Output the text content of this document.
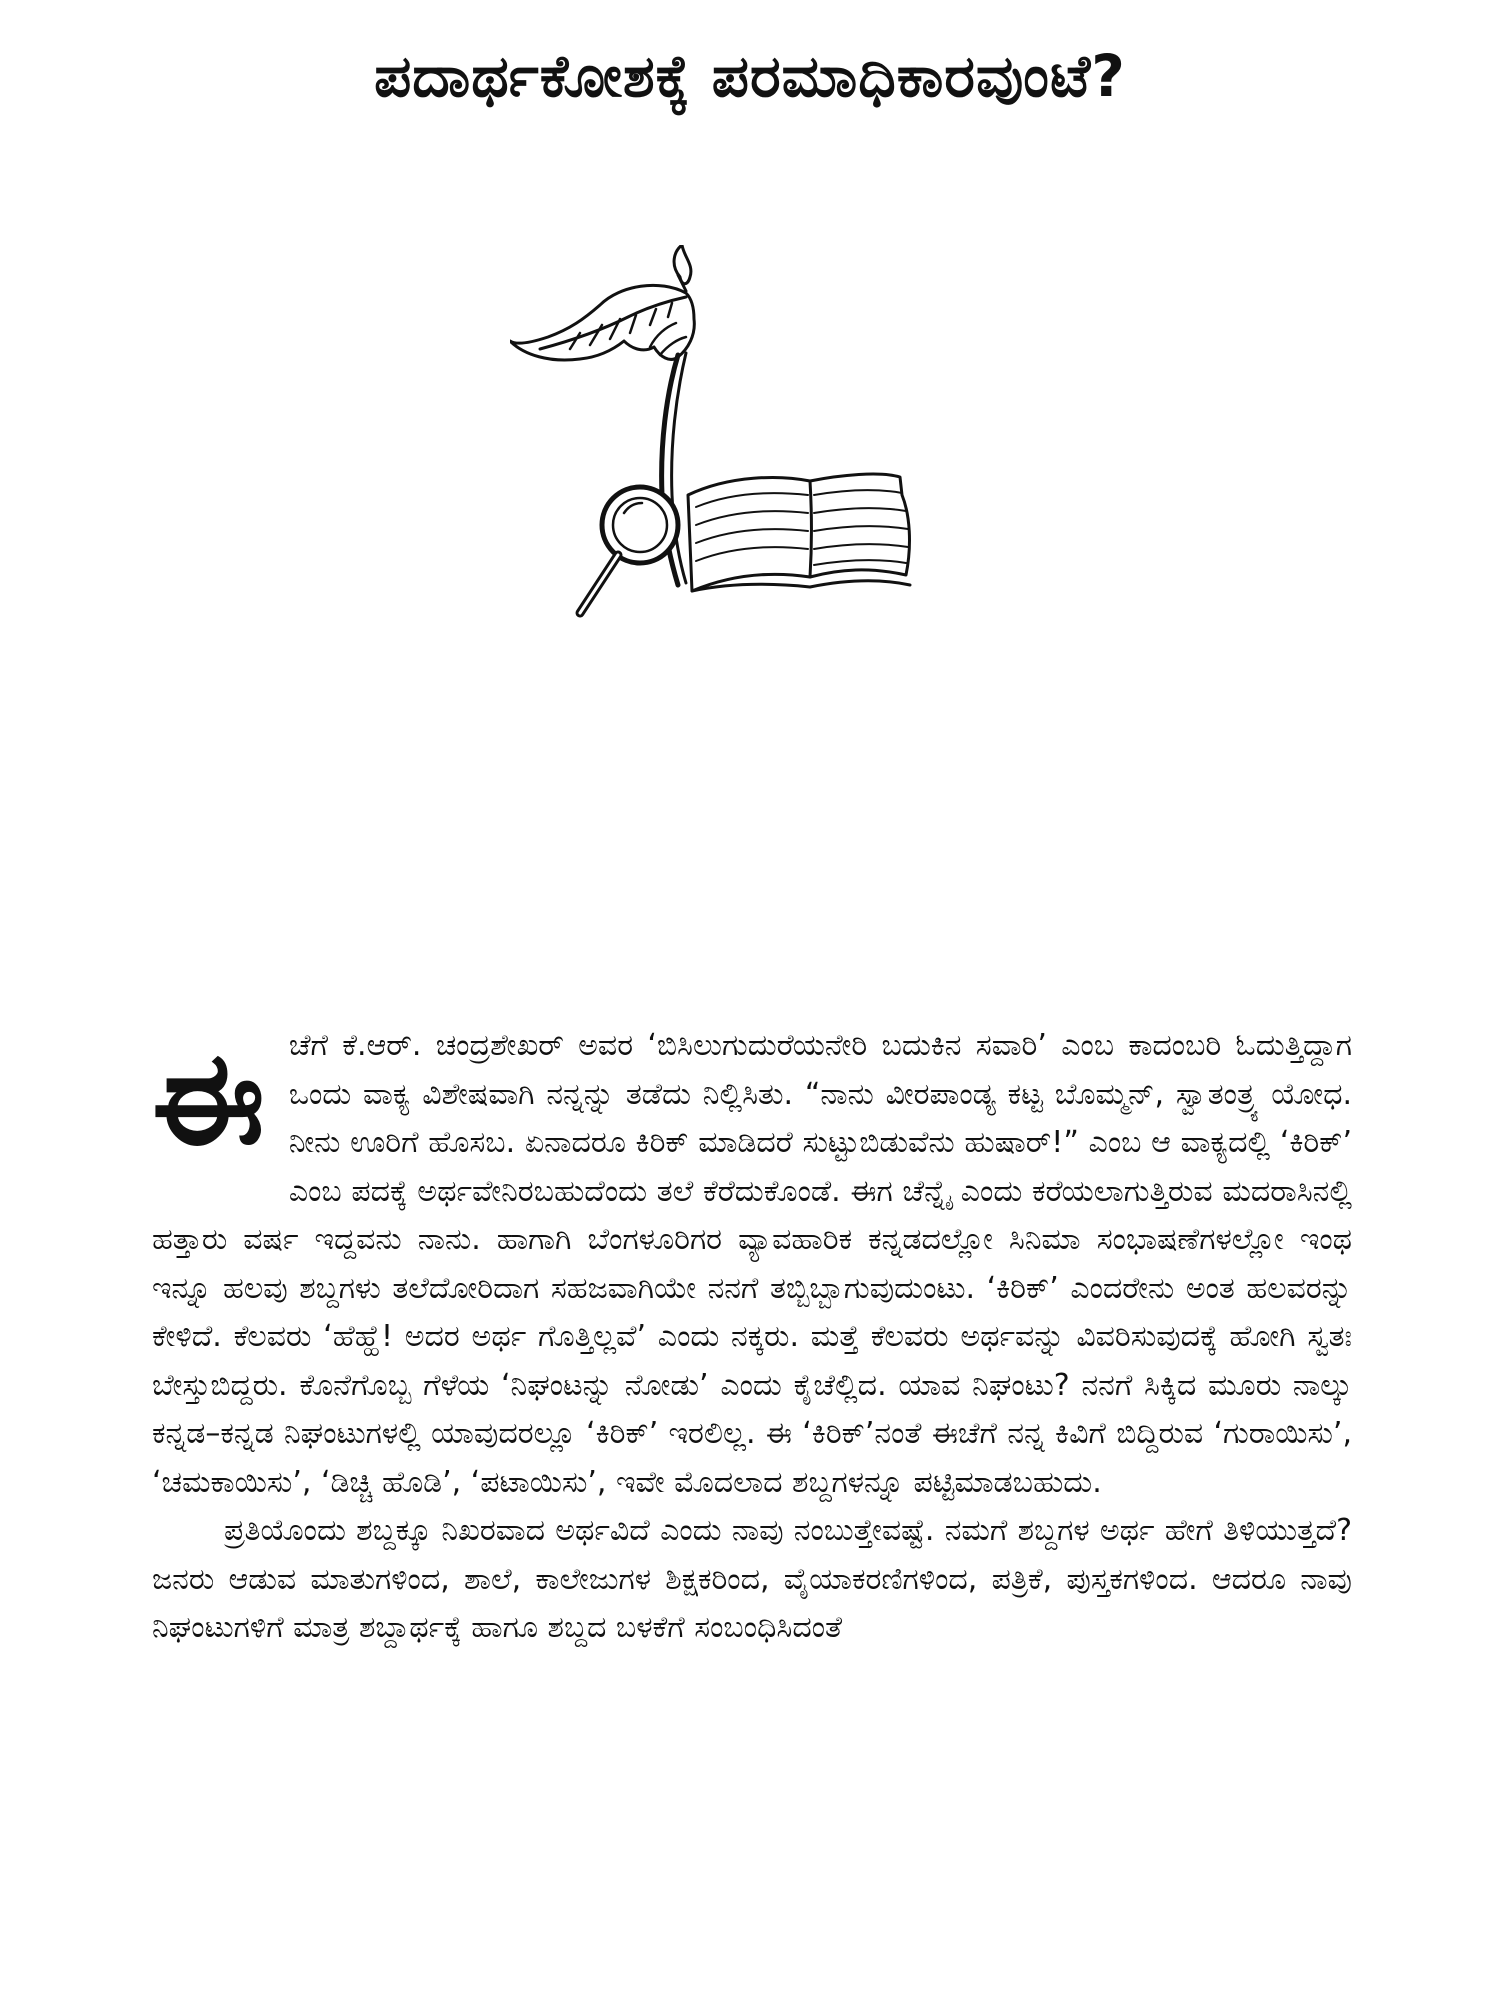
ಪದಾರ್ಥಕೋಶಕ್ಕೆ ಪರಮಾಧಿಕಾರವುಂಟೆ?

ಈ ಚೆಗೆ ಕೆ.ಆರ್. ಚಂದ್ರಶೇಖರ್ ಅವರ ‘ಬಿಸಿಲುಗುದುರೆಯನೇರಿ ಬದುಕಿನ ಸವಾರಿ’ ಎಂಬ ಕಾದಂಬರಿ ಓದುತ್ತಿದ್ದಾಗ ಒಂದು ವಾಕ್ಯ ವಿಶೇಷವಾಗಿ ನನ್ನನ್ನು ತಡೆದು ನಿಲ್ಲಿಸಿತು. “ನಾನು ವೀರಪಾಂಡ್ಯ ಕಟ್ಟ ಬೊಮ್ಮನ್, ಸ್ವಾತಂತ್ರ್ಯ ಯೋಧ. ನೀನು ಊರಿಗೆ ಹೊಸಬ. ಏನಾದರೂ ಕಿರಿಕ್ ಮಾಡಿದರೆ ಸುಟ್ಟುಬಿಡುವೆನು ಹುಷಾರ್!” ಎಂಬ ಆ ವಾಕ್ಯದಲ್ಲಿ ‘ಕಿರಿಕ್’ ಎಂಬ ಪದಕ್ಕೆ ಅರ್ಥವೇನಿರಬಹುದೆಂದು ತಲೆ ಕೆರೆದುಕೊಂಡೆ. ಈಗ ಚೆನ್ನೈ ಎಂದು ಕರೆಯಲಾಗುತ್ತಿರುವ ಮದರಾಸಿನಲ್ಲಿ ಹತ್ತಾರು ವರ್ಷ ಇದ್ದವನು ನಾನು. ಹಾಗಾಗಿ ಬೆಂಗಳೂರಿಗರ ವ್ಯಾವಹಾರಿಕ ಕನ್ನಡದಲ್ಲೋ ಸಿನಿಮಾ ಸಂಭಾಷಣೆಗಳಲ್ಲೋ ಇಂಥ ಇನ್ನೂ ಹಲವು ಶಬ್ದಗಳು ತಲೆದೋರಿದಾಗ ಸಹಜವಾಗಿಯೇ ನನಗೆ ತಬ್ಬಿಬ್ಬಾಗುವುದುಂಟು. ‘ಕಿರಿಕ್’ ಎಂದರೇನು ಅಂತ ಹಲವರನ್ನು ಕೇಳಿದೆ. ಕೆಲವರು ‘ಹೆಹ್ಹೆ! ಅದರ ಅರ್ಥ ಗೊತ್ತಿಲ್ಲವೆ’ ಎಂದು ನಕ್ಕರು. ಮತ್ತೆ ಕೆಲವರು ಅರ್ಥವನ್ನು ವಿವರಿಸುವುದಕ್ಕೆ ಹೋಗಿ ಸ್ವತಃ ಬೇಸ್ತುಬಿದ್ದರು. ಕೊನೆಗೊಬ್ಬ ಗೆಳೆಯ ‘ನಿಘಂಟನ್ನು ನೋಡು’ ಎಂದು ಕೈಚೆಲ್ಲಿದ. ಯಾವ ನಿಘಂಟು? ನನಗೆ ಸಿಕ್ಕಿದ ಮೂರು ನಾಲ್ಕು ಕನ್ನಡ–ಕನ್ನಡ ನಿಘಂಟುಗಳಲ್ಲಿ ಯಾವುದರಲ್ಲೂ ‘ಕಿರಿಕ್’ ಇರಲಿಲ್ಲ. ಈ ‘ಕಿರಿಕ್’ನಂತೆ ಈಚೆಗೆ ನನ್ನ ಕಿವಿಗೆ ಬಿದ್ದಿರುವ ‘ಗುರಾಯಿಸು’, ‘ಚಮಕಾಯಿಸು’, ‘ಡಿಚ್ಚಿ ಹೊಡಿ’, ‘ಪಟಾಯಿಸು’, ಇವೇ ಮೊದಲಾದ ಶಬ್ದಗಳನ್ನೂ ಪಟ್ಟಿಮಾಡಬಹುದು.

ಪ್ರತಿಯೊಂದು ಶಬ್ದಕ್ಕೂ ನಿಖರವಾದ ಅರ್ಥವಿದೆ ಎಂದು ನಾವು ನಂಬುತ್ತೇವಷ್ಟೆ. ನಮಗೆ ಶಬ್ದಗಳ ಅರ್ಥ ಹೇಗೆ ತಿಳಿಯುತ್ತದೆ? ಜನರು ಆಡುವ ಮಾತುಗಳಿಂದ, ಶಾಲೆ, ಕಾಲೇಜುಗಳ ಶಿಕ್ಷಕರಿಂದ, ವೈಯಾಕರಣಿಗಳಿಂದ, ಪತ್ರಿಕೆ, ಪುಸ್ತಕಗಳಿಂದ. ಆದರೂ ನಾವು ನಿಘಂಟುಗಳಿಗೆ ಮಾತ್ರ ಶಬ್ದಾರ್ಥಕ್ಕೆ ಹಾಗೂ ಶಬ್ದದ ಬಳಕೆಗೆ ಸಂಬಂಧಿಸಿದಂತೆ
